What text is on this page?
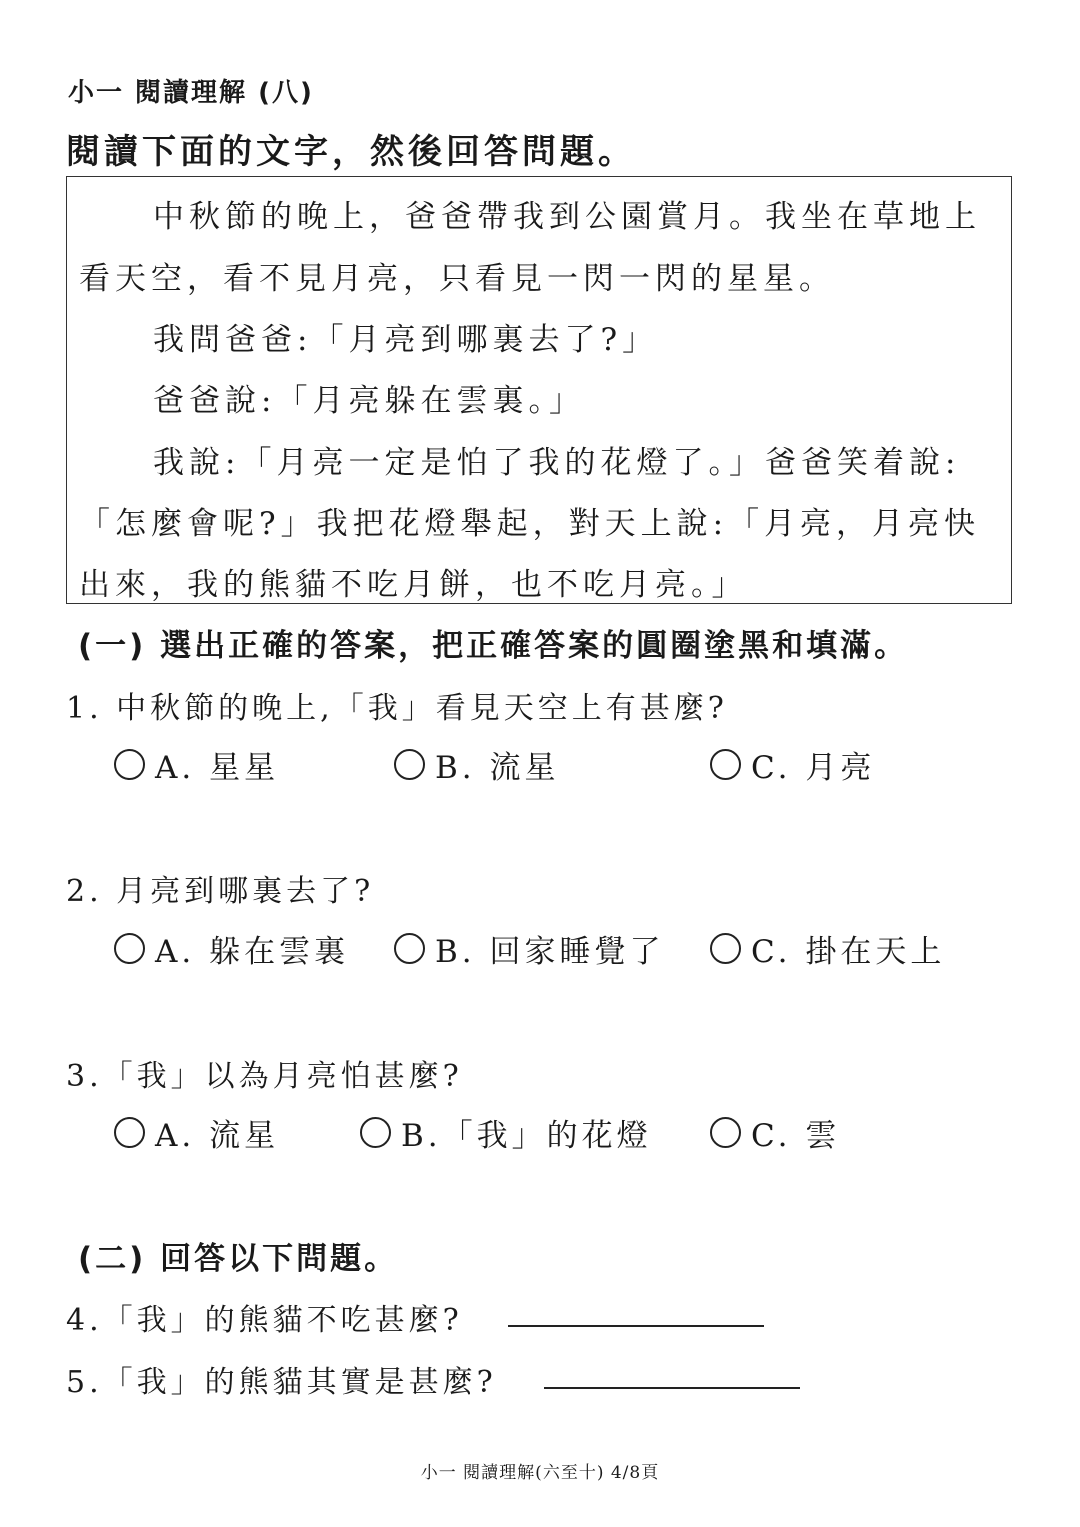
小一 閱讀理解 (八)
閱讀下面的文字，然後回答問題。
中秋節的晚上，爸爸帶我到公園賞月。我坐在草地上
看天空，看不見月亮，只看見一閃一閃的星星。
我問爸爸:「月亮到哪裏去了?」
爸爸說:「月亮躲在雲裏。」
我說:「月亮一定是怕了我的花燈了。」爸爸笑着說:
「怎麼會呢?」我把花燈舉起，對天上說:「月亮，月亮快
出來，我的熊貓不吃月餅，也不吃月亮。」
(一) 選出正確的答案，把正確答案的圓圈塗黑和填滿。
1. 中秋節的晚上,「我」看見天空上有甚麼?
A. 星星	B. 流星	C. 月亮
2. 月亮到哪裏去了?
A. 躲在雲裏	B. 回家睡覺了	C. 掛在天上
3.「我」以為月亮怕甚麼?
A. 流星	B.「我」的花燈	C. 雲
(二) 回答以下問題。
4.「我」的熊貓不吃甚麼?
5.「我」的熊貓其實是甚麼?
小一 閱讀理解(六至十) 4/8頁
